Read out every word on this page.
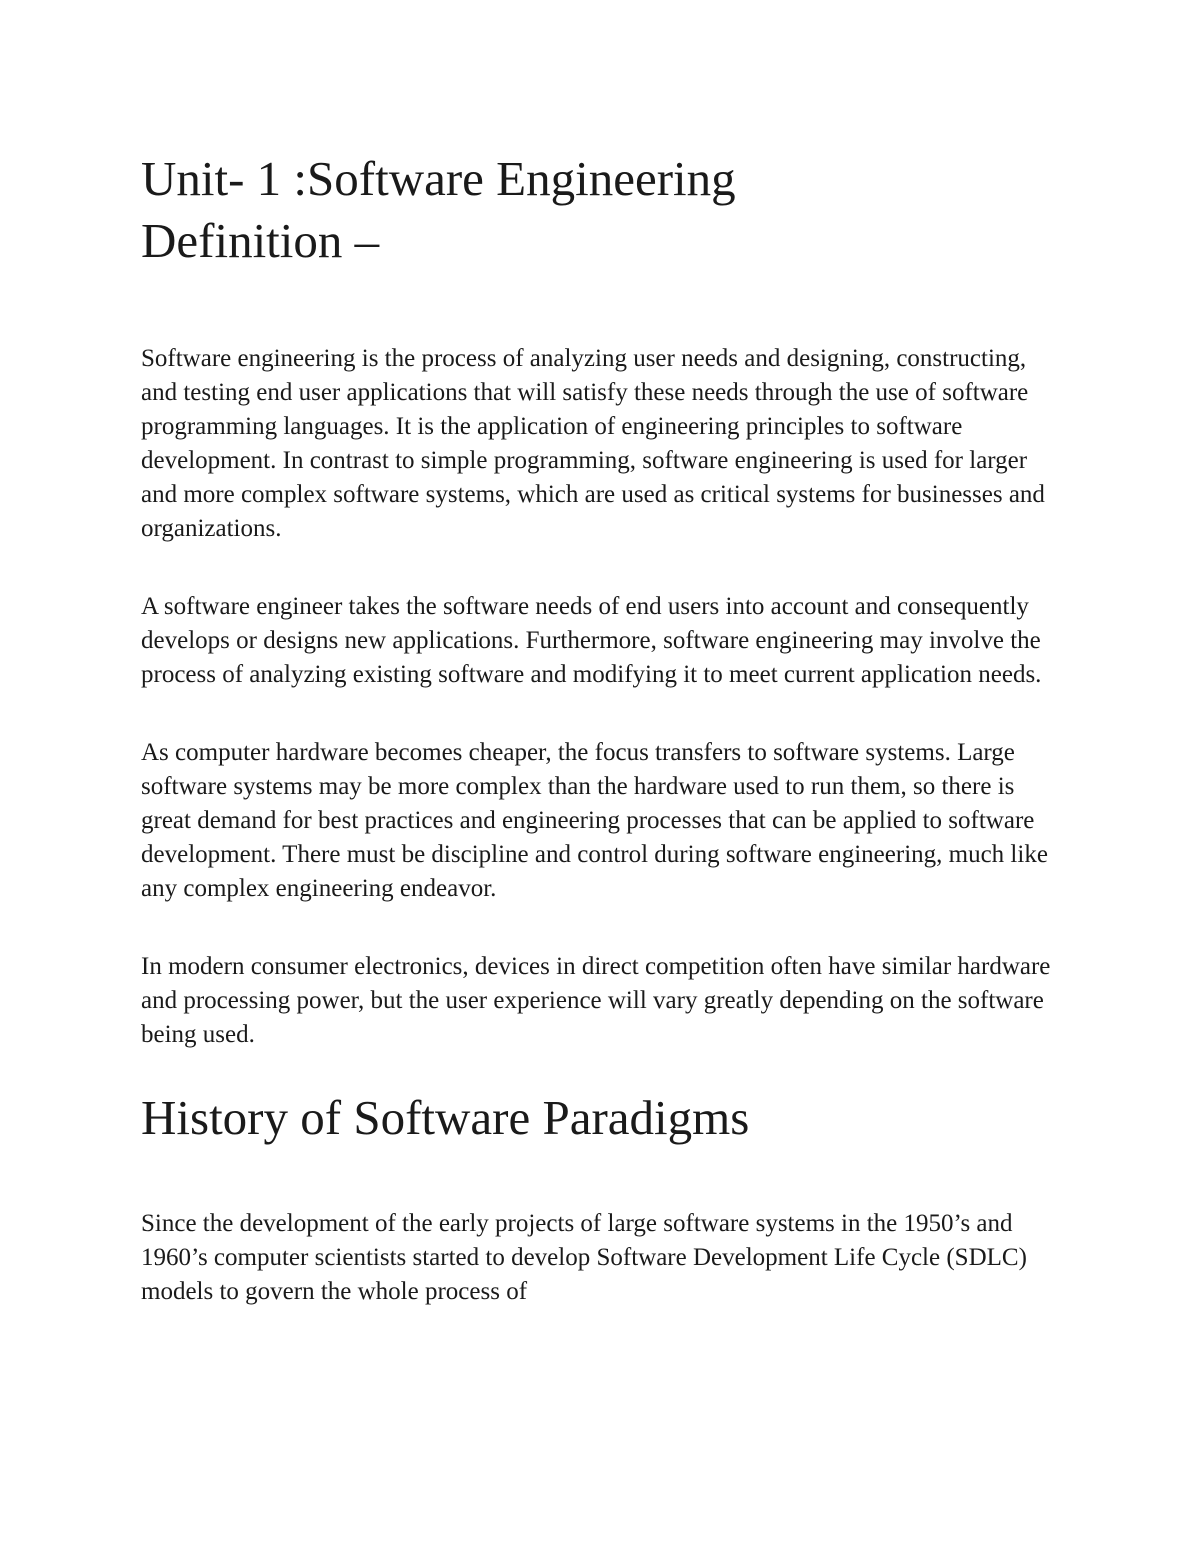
Unit- 1 :Software Engineering
Definition –

Software engineering is the process of analyzing user needs and designing, constructing, and testing end user applications that will satisfy these needs through the use of software programming languages. It is the application of engineering principles to software development. In contrast to simple programming, software engineering is used for larger and more complex software systems, which are used as critical systems for businesses and organizations.

A software engineer takes the software needs of end users into account and consequently develops or designs new applications. Furthermore, software engineering may involve the process of analyzing existing software and modifying it to meet current application needs.

As computer hardware becomes cheaper, the focus transfers to software systems. Large software systems may be more complex than the hardware used to run them, so there is great demand for best practices and engineering processes that can be applied to software development. There must be discipline and control during software engineering, much like any complex engineering endeavor.

In modern consumer electronics, devices in direct competition often have similar hardware and processing power, but the user experience will vary greatly depending on the software being used.

History of Software Paradigms

Since the development of the early projects of large software systems in the 1950’s and 1960’s computer scientists started to develop Software Development Life Cycle (SDLC) models to govern the whole process of
